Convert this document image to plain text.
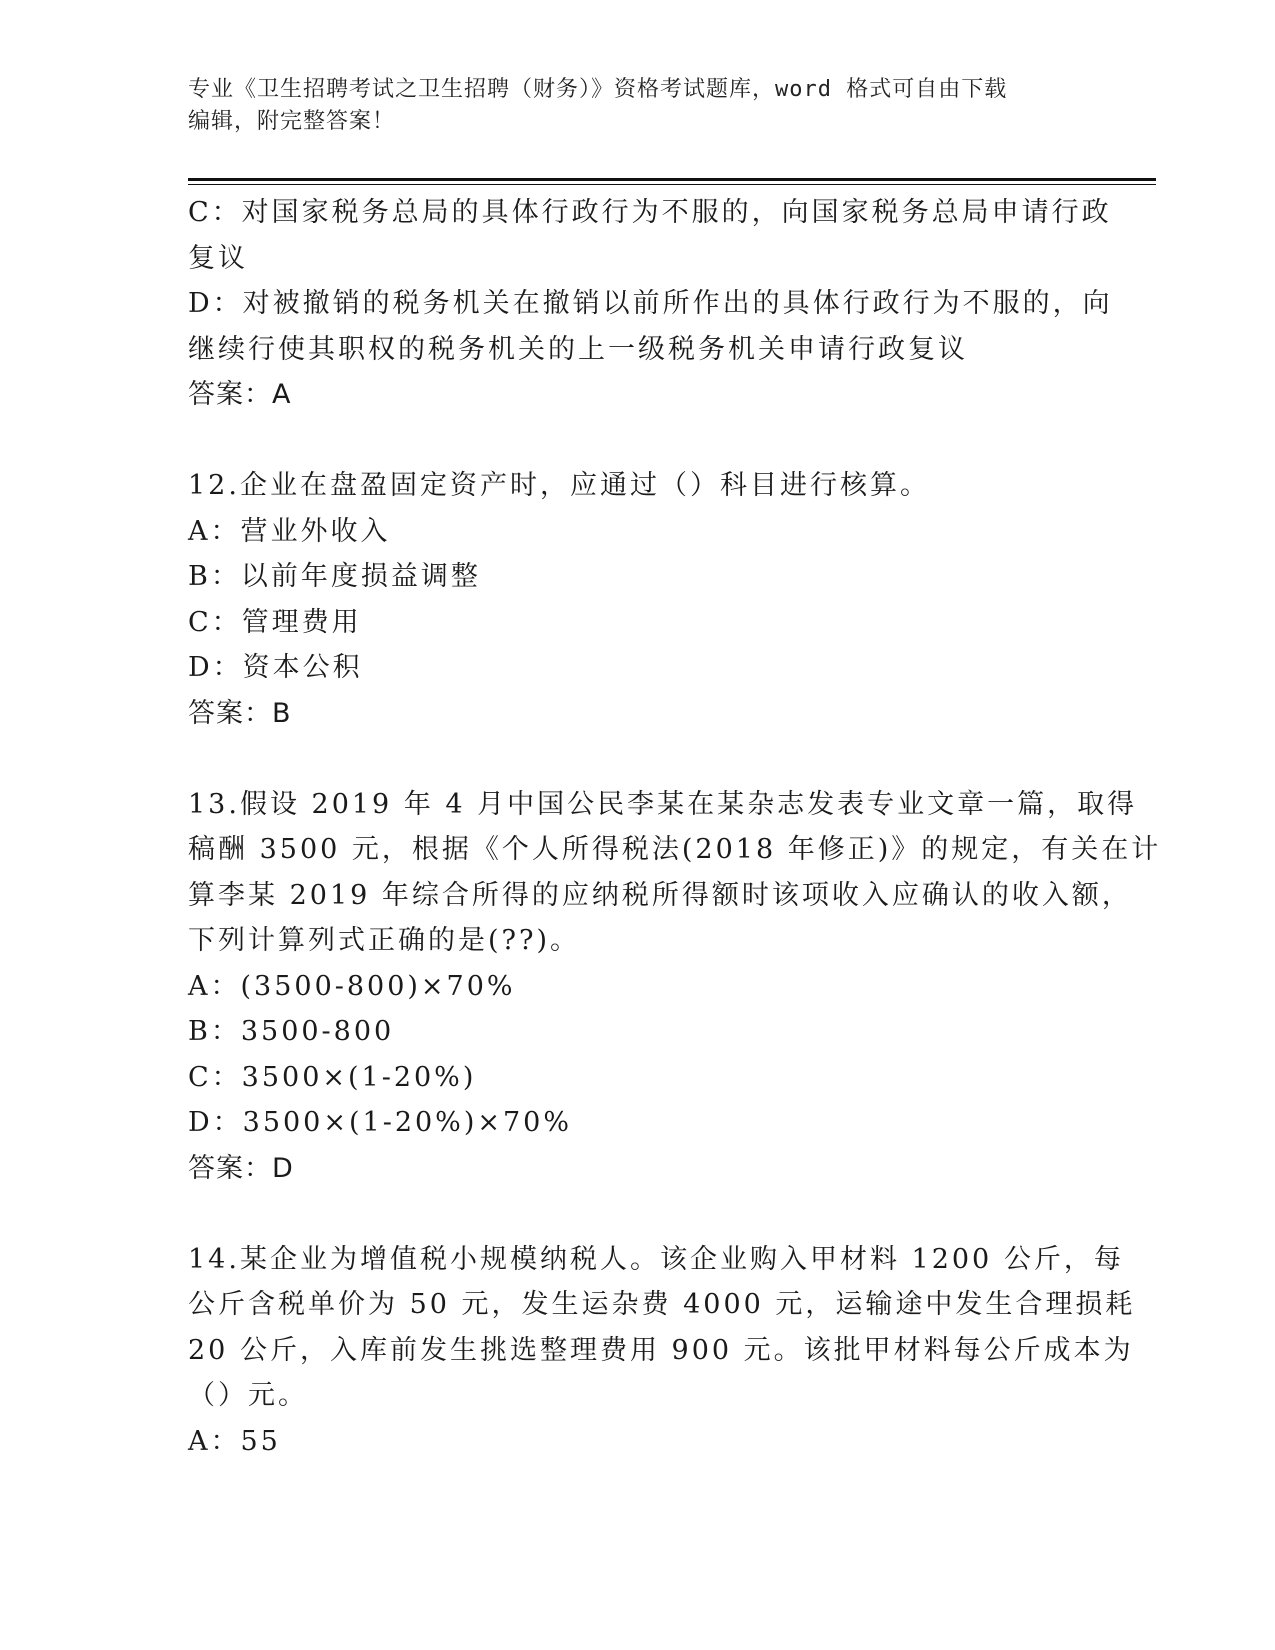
专业《卫生招聘考试之卫生招聘（财务）》资格考试题库，word 格式可自由下载
编辑，附完整答案！
C：对国家税务总局的具体行政行为不服的，向国家税务总局申请行政
复议
D：对被撤销的税务机关在撤销以前所作出的具体行政行为不服的，向
继续行使其职权的税务机关的上一级税务机关申请行政复议
答案：A
12.企业在盘盈固定资产时，应通过（）科目进行核算。
A：营业外收入
B：以前年度损益调整
C：管理费用
D：资本公积
答案：B
13.假设 2019 年 4 月中国公民李某在某杂志发表专业文章一篇，取得
稿酬 3500 元，根据《个人所得税法(2018 年修正)》的规定，有关在计
算李某 2019 年综合所得的应纳税所得额时该项收入应确认的收入额，
下列计算列式正确的是(??)。
A：(3500-800)×70%
B：3500-800
C：3500×(1-20%)
D：3500×(1-20%)×70%
答案：D
14.某企业为增值税小规模纳税人。该企业购入甲材料 1200 公斤，每
公斤含税单价为 50 元，发生运杂费 4000 元，运输途中发生合理损耗
20 公斤，入库前发生挑选整理费用 900 元。该批甲材料每公斤成本为
（）元。
A：55
